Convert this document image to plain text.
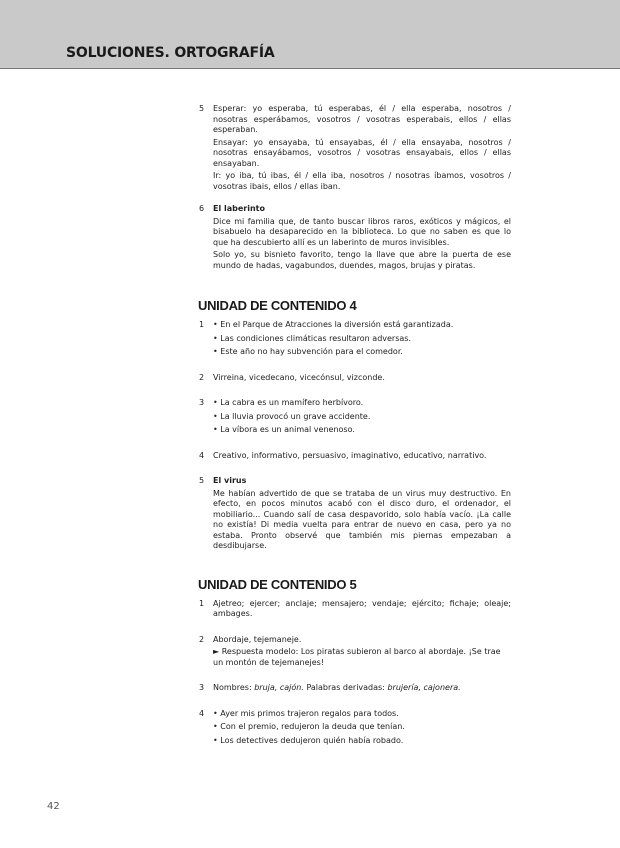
SOLUCIONES. ORTOGRAFÍA
5	Esperar: yo esperaba, tú esperabas, él / ella esperaba, nosotros / nosotras esperábamos, vosotros / vosotras esperabais, ellos / ellas esperaban.
Ensayar: yo ensayaba, tú ensayabas, él / ella ensayaba, nosotros / nosotras ensayábamos, vosotros / vosotras ensayabais, ellos / ellas ensayaban.
Ir: yo iba, tú ibas, él / ella iba, nosotros / nosotras íbamos, vosotros / vosotras ibais, ellos / ellas iban.
6	El laberinto
Dice mi familia que, de tanto buscar libros raros, exóticos y mágicos, el bisabuelo ha desaparecido en la biblioteca. Lo que no saben es que lo que ha descubierto allí es un laberinto de muros invisibles.
Solo yo, su bisnieto favorito, tengo la llave que abre la puerta de ese mundo de hadas, vagabundos, duendes, magos, brujas y piratas.
UNIDAD DE CONTENIDO 4
1	• En el Parque de Atracciones la diversión está garantizada.
• Las condiciones climáticas resultaron adversas.
• Este año no hay subvención para el comedor.
2	Virreina, vicedecano, vicecónsul, vizconde.
3	• La cabra es un mamífero herbívoro.
• La lluvia provocó un grave accidente.
• La víbora es un animal venenoso.
4	Creativo, informativo, persuasivo, imaginativo, educativo, narrativo.
5	El virus
Me habían advertido de que se trataba de un virus muy destructivo. En efecto, en pocos minutos acabó con el disco duro, el ordenador, el mobiliario... Cuando salí de casa despavorido, solo había vacío. ¡La calle no existía! Di media vuelta para entrar de nuevo en casa, pero ya no estaba. Pronto observé que también mis piernas empezaban a desdibujarse.
UNIDAD DE CONTENIDO 5
1	Ajetreo; ejercer; anclaje; mensajero; vendaje; ejército; fichaje; oleaje; ambages.
2	Abordaje, tejemaneje.
► Respuesta modelo: Los piratas subieron al barco al abordaje. ¡Se trae un montón de tejemanejes!
3	Nombres: bruja, cajón. Palabras derivadas: brujería, cajonera.
4	• Ayer mis primos trajeron regalos para todos.
• Con el premio, redujeron la deuda que tenían.
• Los detectives dedujeron quién había robado.
42
